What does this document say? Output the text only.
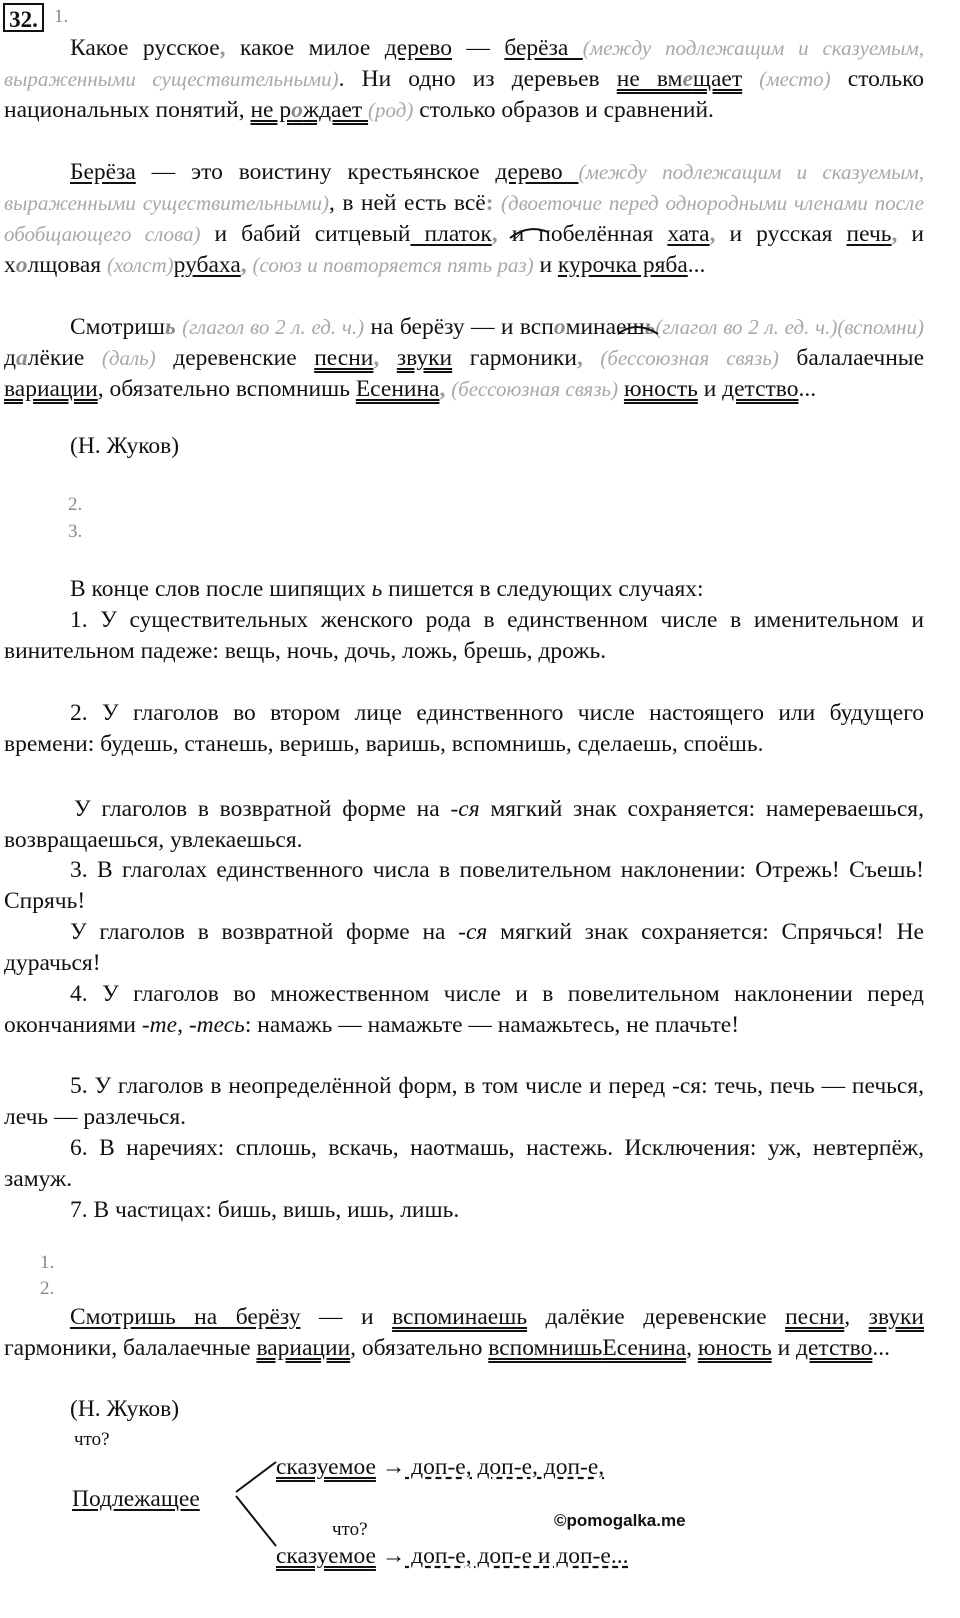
32. 1.

Какое русское, какое милое дерево — берёза (между подлежащим и сказуемым, выраженными существительными). Ни одно из деревьев не вмещает (место) столько национальных понятий, не рождает (род) столько образов и сравнений.

Берёза — это воистину крестьянское дерево (между подлежащим и сказуемым, выраженными существительными), в ней есть всё: (двоеточие перед однородными членами после обобщающего слова) и бабий ситцевый платок, и побелённая хата, и русская печь, и холщовая (холст)рубаха, (союз и повторяется пять раз) и курочка ряба...

Смотришь (глагол во 2 л. ед. ч.) на берёзу — и вспоминаешь(глагол во 2 л. ед. ч.)(вспомни) далёкие (даль) деревенские песни, звуки гармоники, (бессоюзная связь) балалаечные вариации, обязательно вспомнишь Есенина, (бессоюзная связь) юность и детство...

(Н. Жуков)

2.
3.

В конце слов после шипящих ь пишется в следующих случаях:

1. У существительных женского рода в единственном числе в именительном и винительном падеже: вещь, ночь, дочь, ложь, брешь, дрожь.

2. У глаголов во втором лице единственного числе настоящего или будущего времени: будешь, станешь, веришь, варишь, вспомнишь, сделаешь, споёшь.

У глаголов в возвратной форме на -ся мягкий знак сохраняется: намереваешься, возвращаешься, увлекаешься.

3. В глаголах единственного числа в повелительном наклонении: Отрежь! Съешь! Спрячь!

У глаголов в возвратной форме на -ся мягкий знак сохраняется: Спрячься! Не дурачься!

4. У глаголов во множественном числе и в повелительном наклонении перед окончаниями -те, -тесь: намажь — намажьте — намажьтесь, не плачьте!

5. У глаголов в неопределённой форм, в том числе и перед -ся: течь, печь — печься, лечь — разлечься.

6. В наречиях: сплошь, вскачь, наотмашь, настежь. Исключения: уж, невтерпёж, замуж.

7. В частицах: бишь, вишь, ишь, лишь.

1.
2.

Смотришь на берёзу — и вспоминаешь далёкие деревенские песни, звуки гармоники, балалаечные вариации, обязательно вспомнишьЕсенина, юность и детство...

(Н. Жуков)

что?
Подлежащее
сказуемое → доп-е, доп-е, доп-е,
что?
сказуемое → доп-е, доп-е и доп-е...
©pomogalka.me
